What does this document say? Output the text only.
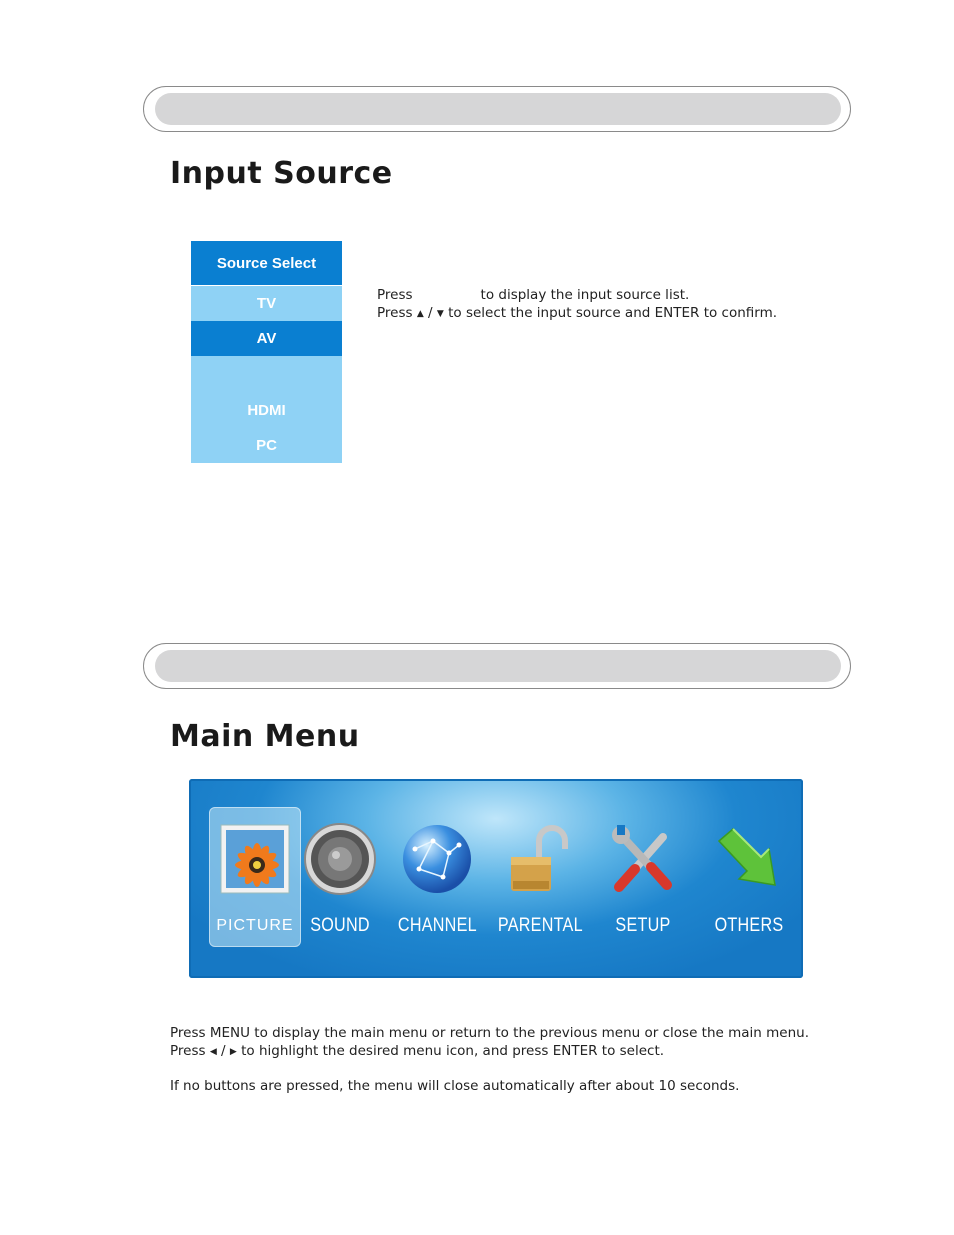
Input Source
Source Select
TV
AV
HDMI
PC
Press	to display the input source list.
Press ▲ / ▼ to select the input source and ENTER to confirm.
Main Menu
PICTURE SOUND	CHANNEL PARENTAL	SETUP	OTHERS
Press MENU to display the main menu or return to the previous menu or close the main menu.
Press ◀ / ▶ to highlight the desired menu icon, and press ENTER to select.
If no buttons are pressed, the menu will close automatically after about 10 seconds.
